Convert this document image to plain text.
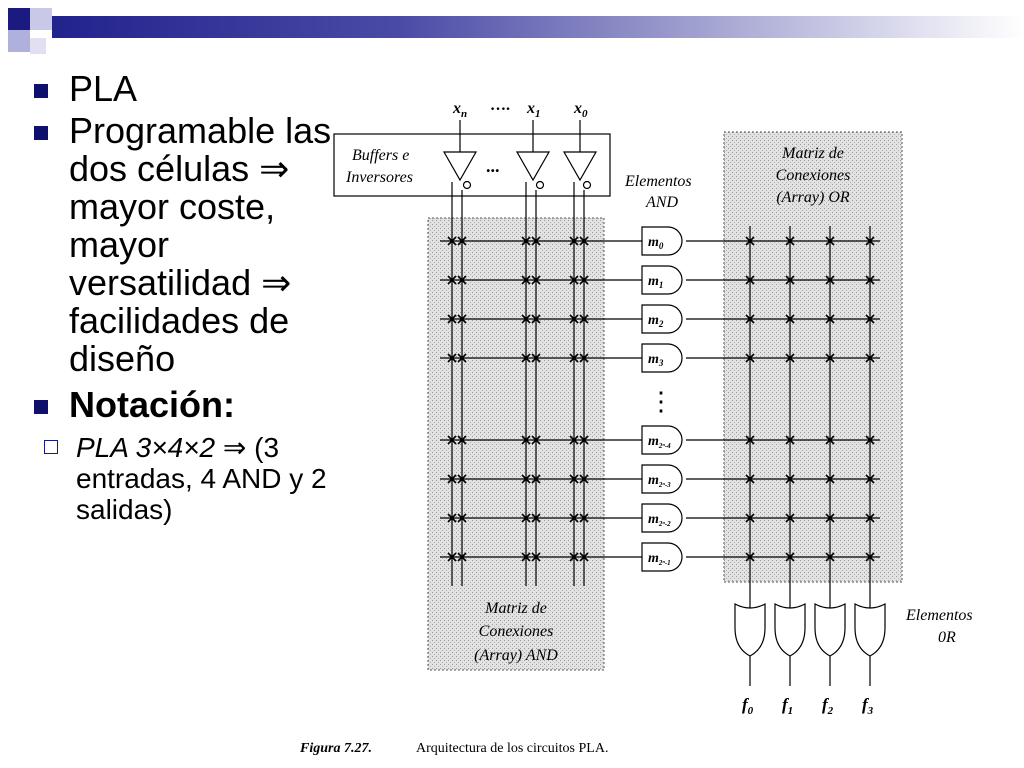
PLA
Programable las dos células ⇒ mayor coste, mayor versatilidad ⇒ facilidades de diseño
Notación:
PLA 3×4×2 ⇒ (3 entradas, 4 AND y 2 salidas)
$x_n$ …. $x_1$ $x_0$
...
Buffers e
Inversores
$m_0$
$m_1$
$m_2$
$m_3$
$m_{2^n-4}$
$m_{2^n-3}$
$m_{2^n-2}$
$m_{2^n-1}$
⋮
$f_0$ $f_1$ $f_2$ $f_3$
Elementos
AND
Matriz de
Conexiones
(Array) OR
Matriz de
Conexiones
(Array) AND
Elementos
0R
Figura 7.27.	Arquitectura de los circuitos PLA.
